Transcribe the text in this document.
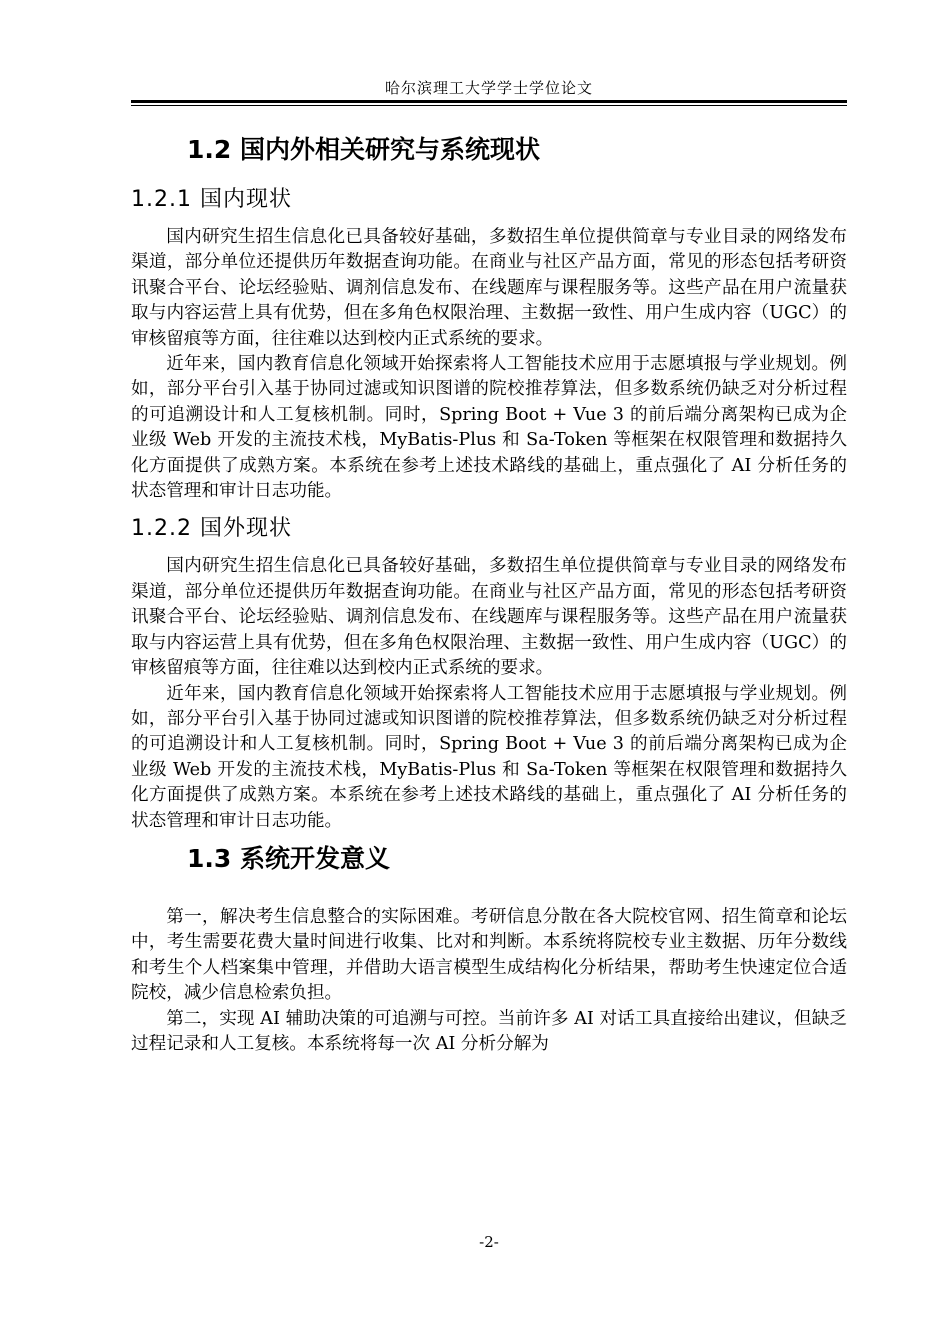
哈尔滨理工大学学士学位论文
1.2 国内外相关研究与系统现状
1.2.1 国内现状

国内研究生招生信息化已具备较好基础，多数招生单位提供简章与专业目录的网络发布渠道，部分单位还提供历年数据查询功能。在商业与社区产品方面，常见的形态包括考研资讯聚合平台、论坛经验贴、调剂信息发布、在线题库与课程服务等。这些产品在用户流量获取与内容运营上具有优势，但在多角色权限治理、主数据一致性、用户生成内容（UGC）的审核留痕等方面，往往难以达到校内正式系统的要求。

近年来，国内教育信息化领域开始探索将人工智能技术应用于志愿填报与学业规划。例如，部分平台引入基于协同过滤或知识图谱的院校推荐算法，但多数系统仍缺乏对分析过程的可追溯设计和人工复核机制。同时，Spring Boot + Vue 3 的前后端分离架构已成为企业级 Web 开发的主流技术栈，MyBatis-Plus 和 Sa-Token 等框架在权限管理和数据持久化方面提供了成熟方案。本系统在参考上述技术路线的基础上，重点强化了 AI 分析任务的状态管理和审计日志功能。

1.2.2 国外现状

国内研究生招生信息化已具备较好基础，多数招生单位提供简章与专业目录的网络发布渠道，部分单位还提供历年数据查询功能。在商业与社区产品方面，常见的形态包括考研资讯聚合平台、论坛经验贴、调剂信息发布、在线题库与课程服务等。这些产品在用户流量获取与内容运营上具有优势，但在多角色权限治理、主数据一致性、用户生成内容（UGC）的审核留痕等方面，往往难以达到校内正式系统的要求。

近年来，国内教育信息化领域开始探索将人工智能技术应用于志愿填报与学业规划。例如，部分平台引入基于协同过滤或知识图谱的院校推荐算法，但多数系统仍缺乏对分析过程的可追溯设计和人工复核机制。同时，Spring Boot + Vue 3 的前后端分离架构已成为企业级 Web 开发的主流技术栈，MyBatis-Plus 和 Sa-Token 等框架在权限管理和数据持久化方面提供了成熟方案。本系统在参考上述技术路线的基础上，重点强化了 AI 分析任务的状态管理和审计日志功能。

1.3 系统开发意义

第一，解决考生信息整合的实际困难。考研信息分散在各大院校官网、招生简章和论坛中，考生需要花费大量时间进行收集、比对和判断。本系统将院校专业主数据、历年分数线和考生个人档案集中管理，并借助大语言模型生成结构化分析结果，帮助考生快速定位合适院校，减少信息检索负担。

第二，实现 AI 辅助决策的可追溯与可控。当前许多 AI 对话工具直接给出建议，但缺乏过程记录和人工复核。本系统将每一次 AI 分析分解为

-2-
